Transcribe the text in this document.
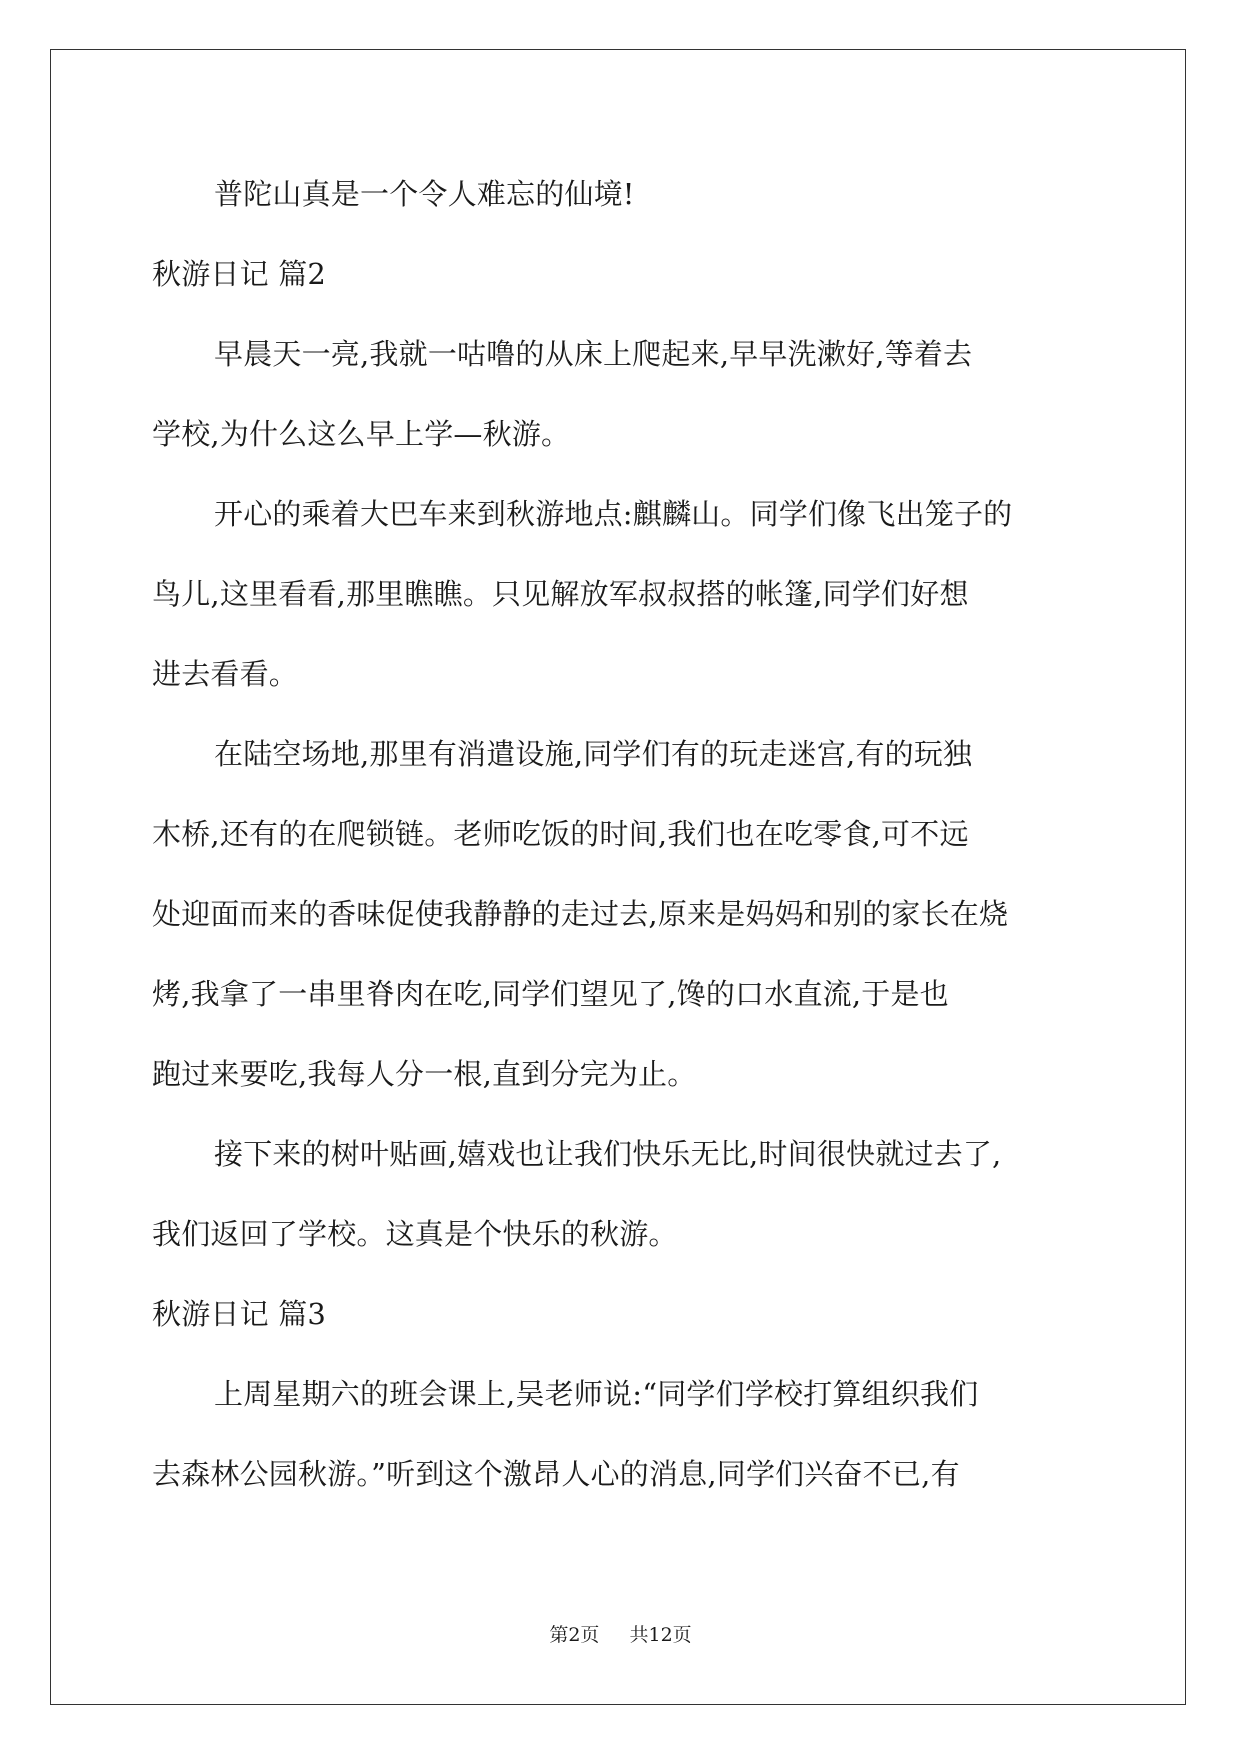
普陀山真是一个令人难忘的仙境!
秋游日记 篇2
早晨天一亮,我就一咕噜的从床上爬起来,早早洗漱好,等着去
学校,为什么这么早上学—秋游。
开心的乘着大巴车来到秋游地点:麒麟山。同学们像飞出笼子的
鸟儿,这里看看,那里瞧瞧。只见解放军叔叔搭的帐篷,同学们好想
进去看看。
在陆空场地,那里有消遣设施,同学们有的玩走迷宫,有的玩独
木桥,还有的在爬锁链。老师吃饭的时间,我们也在吃零食,可不远
处迎面而来的香味促使我静静的走过去,原来是妈妈和别的家长在烧
烤,我拿了一串里脊肉在吃,同学们望见了,馋的口水直流,于是也
跑过来要吃,我每人分一根,直到分完为止。
接下来的树叶贴画,嬉戏也让我们快乐无比,时间很快就过去了,
我们返回了学校。这真是个快乐的秋游。
秋游日记 篇3
上周星期六的班会课上,吴老师说:“同学们学校打算组织我们
去森林公园秋游。”听到这个激昂人心的消息,同学们兴奋不已,有
第2页 共12页
